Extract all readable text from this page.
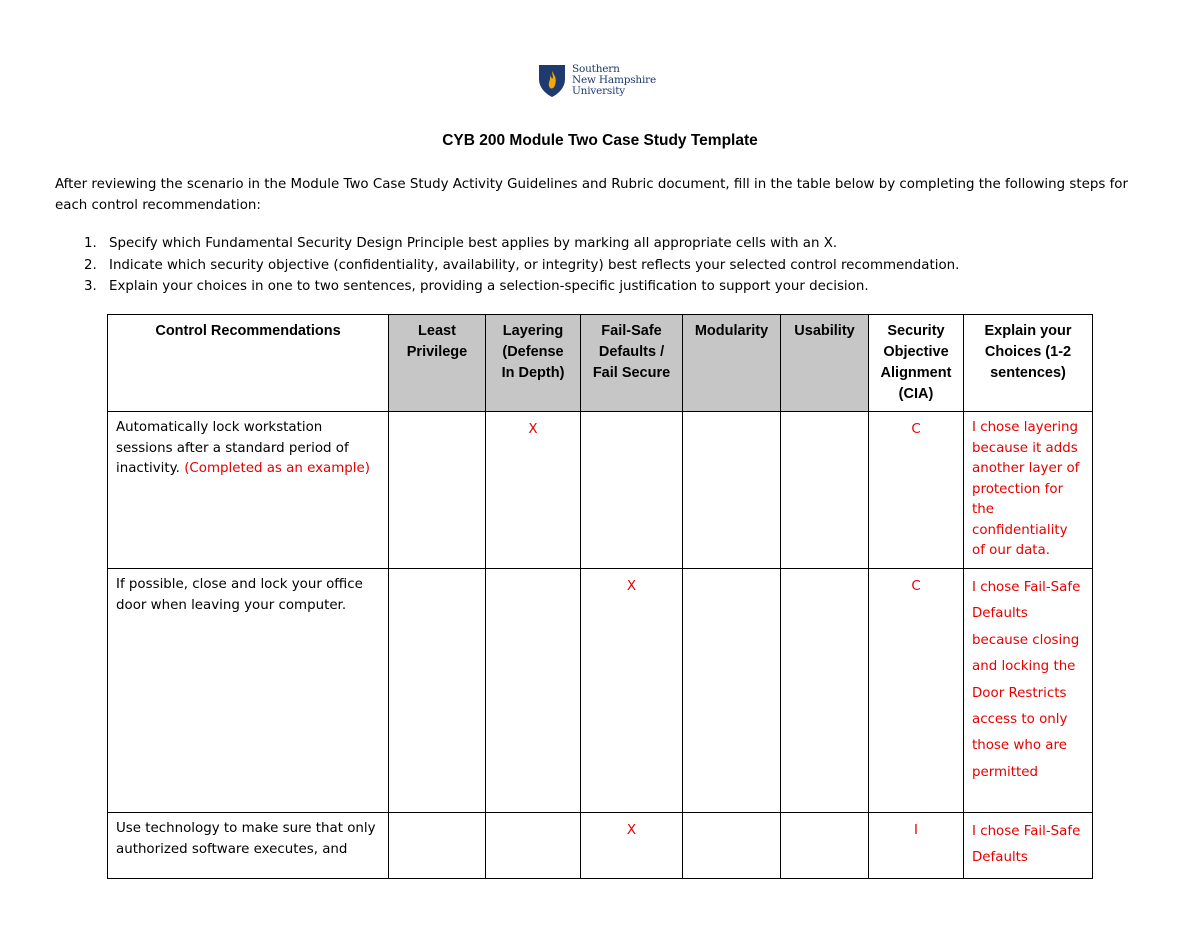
Southern
New Hampshire
University
CYB 200 Module Two Case Study Template
After reviewing the scenario in the Module Two Case Study Activity Guidelines and Rubric document, fill in the table below by completing the following steps for each control recommendation:
1. Specify which Fundamental Security Design Principle best applies by marking all appropriate cells with an X.
2. Indicate which security objective (confidentiality, availability, or integrity) best reflects your selected control recommendation.
3. Explain your choices in one to two sentences, providing a selection-specific justification to support your decision.
Control Recommendations	Least Privilege	Layering (Defense In Depth)	Fail-Safe Defaults / Fail Secure	Modularity	Usability	Security Objective Alignment (CIA)	Explain your Choices (1-2 sentences)
Automatically lock workstation sessions after a standard period of inactivity. (Completed as an example)		X				C	I chose layering because it adds another layer of protection for the confidentiality of our data.
If possible, close and lock your office door when leaving your computer.			X			C	I chose Fail-Safe Defaults because closing and locking the Door Restricts access to only those who are permitted
Use technology to make sure that only authorized software executes, and			X			I	I chose Fail-Safe Defaults
